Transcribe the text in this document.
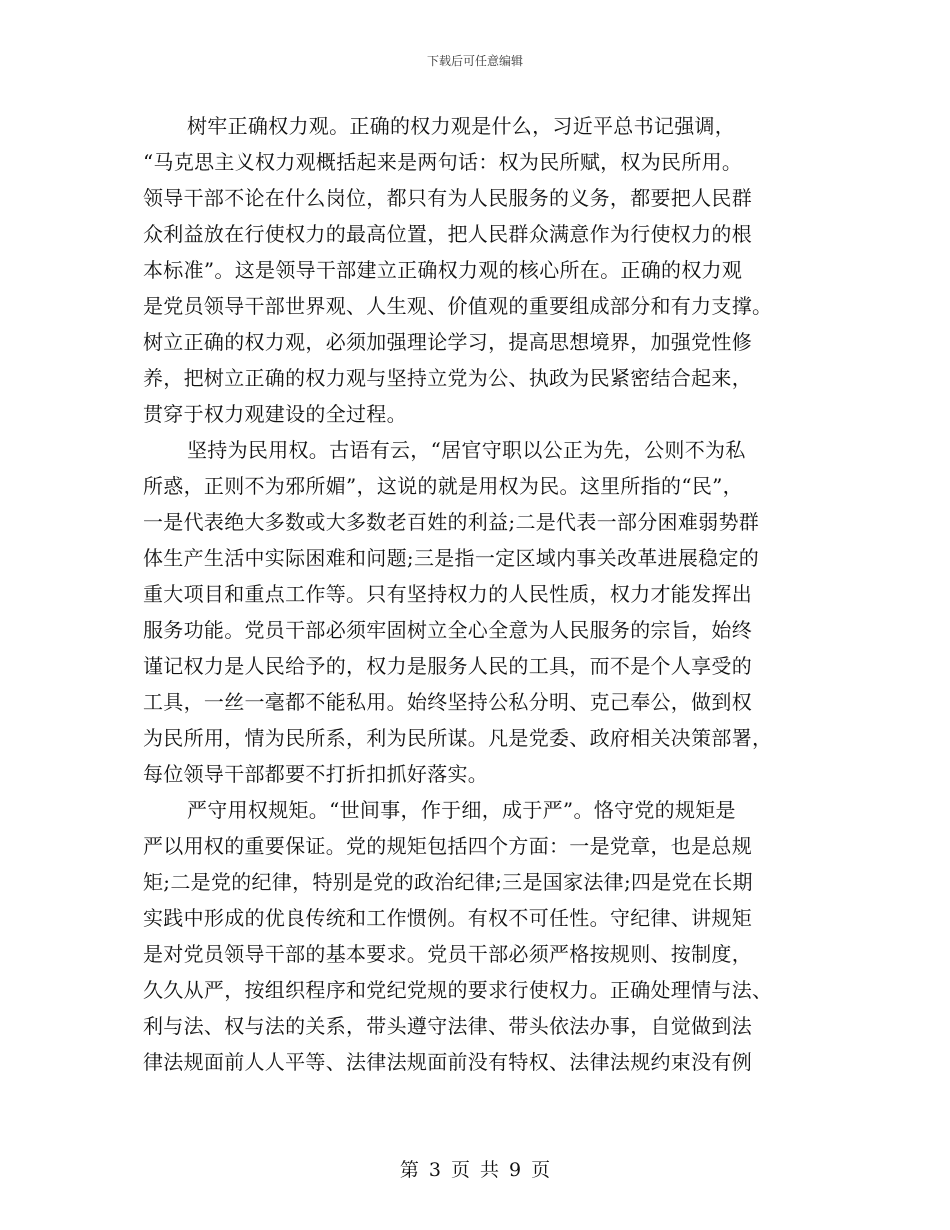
下载后可任意编辑
树牢正确权力观。正确的权力观是什么，习近平总书记强调，
“马克思主义权力观概括起来是两句话：权为民所赋，权为民所用。
领导干部不论在什么岗位，都只有为人民服务的义务，都要把人民群
众利益放在行使权力的最高位置，把人民群众满意作为行使权力的根
本标准”。这是领导干部建立正确权力观的核心所在。正确的权力观
是党员领导干部世界观、人生观、价值观的重要组成部分和有力支撑。
树立正确的权力观，必须加强理论学习，提高思想境界，加强党性修
养，把树立正确的权力观与坚持立党为公、执政为民紧密结合起来，
贯穿于权力观建设的全过程。
坚持为民用权。古语有云，“居官守职以公正为先，公则不为私
所惑，正则不为邪所媚”，这说的就是用权为民。这里所指的“民”，
一是代表绝大多数或大多数老百姓的利益;二是代表一部分困难弱势群
体生产生活中实际困难和问题;三是指一定区域内事关改革进展稳定的
重大项目和重点工作等。只有坚持权力的人民性质，权力才能发挥出
服务功能。党员干部必须牢固树立全心全意为人民服务的宗旨，始终
谨记权力是人民给予的，权力是服务人民的工具，而不是个人享受的
工具，一丝一毫都不能私用。始终坚持公私分明、克己奉公，做到权
为民所用，情为民所系，利为民所谋。凡是党委、政府相关决策部署，
每位领导干部都要不打折扣抓好落实。
严守用权规矩。“世间事，作于细，成于严”。恪守党的规矩是
严以用权的重要保证。党的规矩包括四个方面：一是党章，也是总规
矩;二是党的纪律，特别是党的政治纪律;三是国家法律;四是党在长期
实践中形成的优良传统和工作惯例。有权不可任性。守纪律、讲规矩
是对党员领导干部的基本要求。党员干部必须严格按规则、按制度，
久久从严，按组织程序和党纪党规的要求行使权力。正确处理情与法、
利与法、权与法的关系，带头遵守法律、带头依法办事，自觉做到法
律法规面前人人平等、法律法规面前没有特权、法律法规约束没有例
第 3 页 共 9 页
